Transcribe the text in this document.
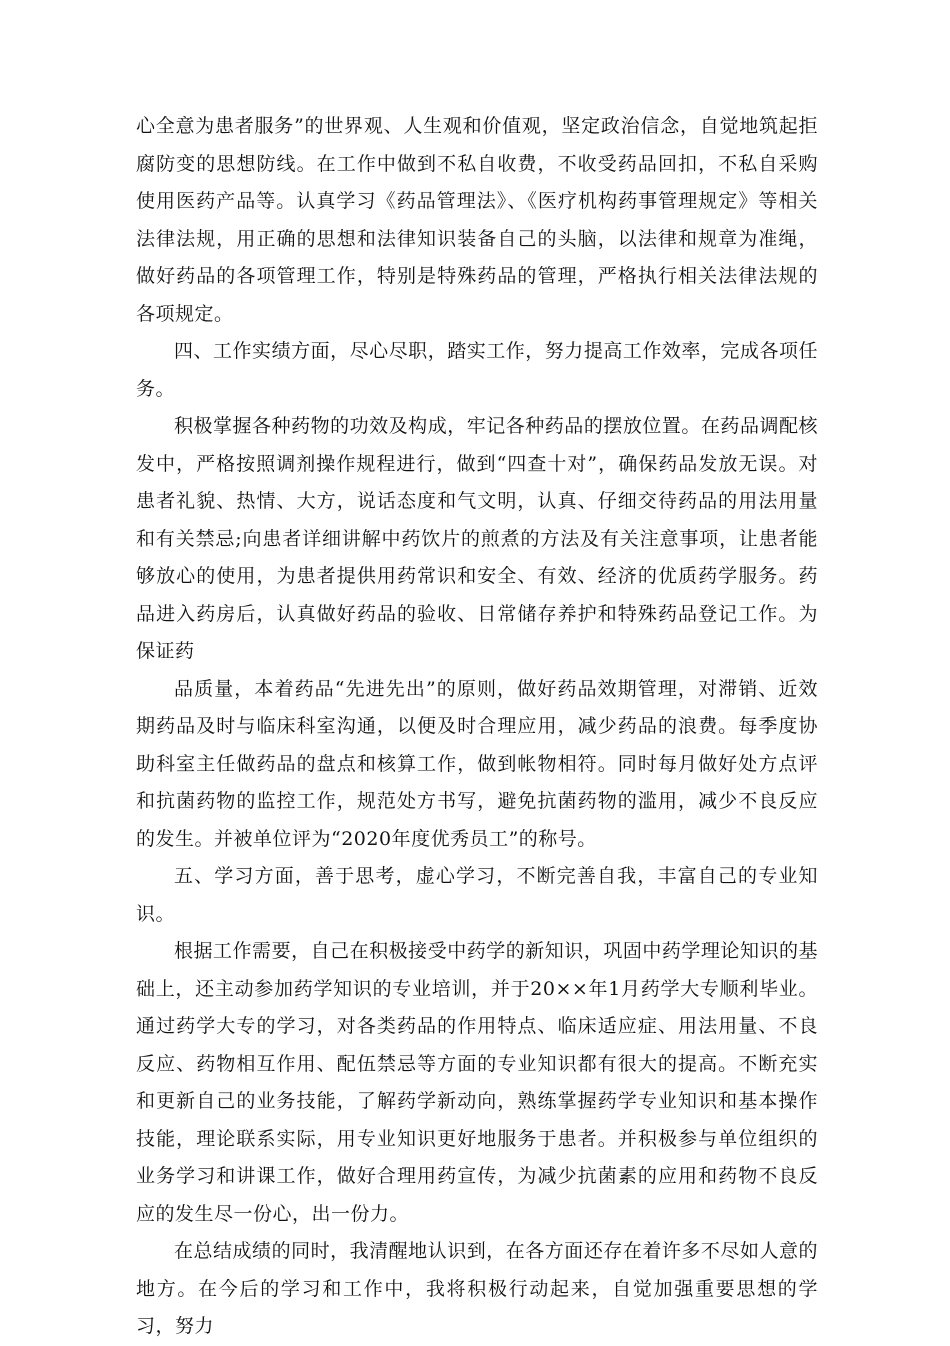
心全意为患者服务”的世界观、人生观和价值观，坚定政治信念，自觉地筑起拒腐防变的思想防线。在工作中做到不私自收费，不收受药品回扣，不私自采购使用医药产品等。认真学习《药品管理法》、《医疗机构药事管理规定》等相关法律法规，用正确的思想和法律知识装备自己的头脑，以法律和规章为准绳，做好药品的各项管理工作，特别是特殊药品的管理，严格执行相关法律法规的各项规定。

四、工作实绩方面，尽心尽职，踏实工作，努力提高工作效率，完成各项任务。

积极掌握各种药物的功效及构成，牢记各种药品的摆放位置。在药品调配核发中，严格按照调剂操作规程进行，做到“四查十对”，确保药品发放无误。对患者礼貌、热情、大方，说话态度和气文明，认真、仔细交待药品的用法用量和有关禁忌;向患者详细讲解中药饮片的煎煮的方法及有关注意事项，让患者能够放心的使用，为患者提供用药常识和安全、有效、经济的优质药学服务。药品进入药房后，认真做好药品的验收、日常储存养护和特殊药品登记工作。为保证药

品质量，本着药品“先进先出”的原则，做好药品效期管理，对滞销、近效期药品及时与临床科室沟通，以便及时合理应用，减少药品的浪费。每季度协助科室主任做药品的盘点和核算工作，做到帐物相符。同时每月做好处方点评和抗菌药物的监控工作，规范处方书写，避免抗菌药物的滥用，减少不良反应的发生。并被单位评为“2020年度优秀员工”的称号。

五、学习方面，善于思考，虚心学习，不断完善自我，丰富自己的专业知识。

根据工作需要，自己在积极接受中药学的新知识，巩固中药学理论知识的基础上，还主动参加药学知识的专业培训，并于20××年1月药学大专顺利毕业。通过药学大专的学习，对各类药品的作用特点、临床适应症、用法用量、不良反应、药物相互作用、配伍禁忌等方面的专业知识都有很大的提高。不断充实和更新自己的业务技能，了解药学新动向，熟练掌握药学专业知识和基本操作技能，理论联系实际，用专业知识更好地服务于患者。并积极参与单位组织的业务学习和讲课工作，做好合理用药宣传，为减少抗菌素的应用和药物不良反应的发生尽一份心，出一份力。

在总结成绩的同时，我清醒地认识到，在各方面还存在着许多不尽如人意的地方。在今后的学习和工作中，我将积极行动起来，自觉加强重要思想的学习，努力
